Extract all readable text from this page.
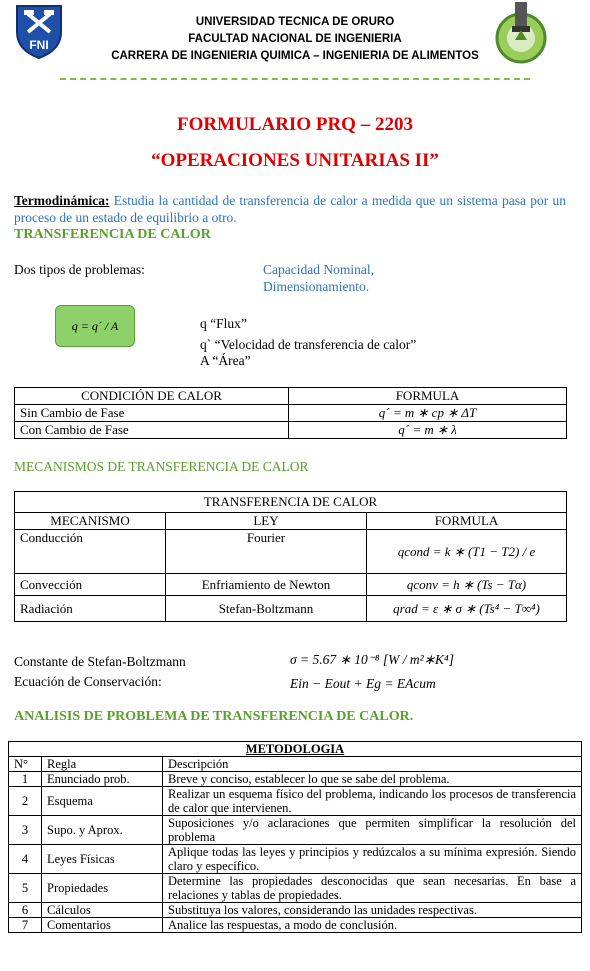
FNI
UNIVERSIDAD TECNICA DE ORURO
FACULTAD NACIONAL DE INGENIERIA
CARRERA DE INGENIERIA QUIMICA – INGENIERIA DE ALIMENTOS
FORMULARIO PRQ – 2203
“OPERACIONES UNITARIAS II”
Termodinámica: Estudia la cantidad de transferencia de calor a medida que un sistema pasa por un proceso de un estado de equilibrio a otro.
TRANSFERENCIA DE CALOR
Dos tipos de problemas:	Capacidad Nominal,
Dimensionamiento.
q = q´ / A	q “Flux”
q` “Velocidad de transferencia de calor”
A “Área”
CONDICIÓN DE CALOR	FORMULA
Sin Cambio de Fase	q´ = m ∗ cp ∗ ΔT
Con Cambio de Fase	q´ = m ∗ λ
MECANISMOS DE TRANSFERENCIA DE CALOR
TRANSFERENCIA DE CALOR		
MECANISMO	LEY	FORMULA
Conducción	Fourier	qcond = k ∗ (T1 − T2) / e
Convección	Enfriamiento de Newton	qconv = h ∗ (Ts − Tα)
Radiación	Stefan-Boltzmann	qrad = ε ∗ σ ∗ (Ts⁴ − T∞⁴)
Constante de Stefan-Boltzmann	σ = 5.67 ∗ 10⁻⁸ [W / m²∗K⁴]
Ecuación de Conservación:	Ein − Eout + Eg = EAcum
ANALISIS DE PROBLEMA DE TRANSFERENCIA DE CALOR.
METODOLOGIA		
N°	Regla	Descripción
1	Enunciado prob.	Breve y conciso, establecer lo que se sabe del problema.
2	Esquema	Realizar un esquema físico del problema, indicando los procesos de transferencia de calor que intervienen.
3	Supo. y Aprox.	Suposiciones y/o aclaraciones que permiten simplificar la resolución del problema
4	Leyes Físicas	Aplique todas las leyes y principios y redúzcalos a su mínima expresión. Siendo claro y específico.
5	Propiedades	Determine las propiedades desconocidas que sean necesarias. En base a relaciones y tablas de propiedades.
6	Cálculos	Substituya los valores, considerando las unidades respectivas.
7	Comentarios	Analice las respuestas, a modo de conclusión.
